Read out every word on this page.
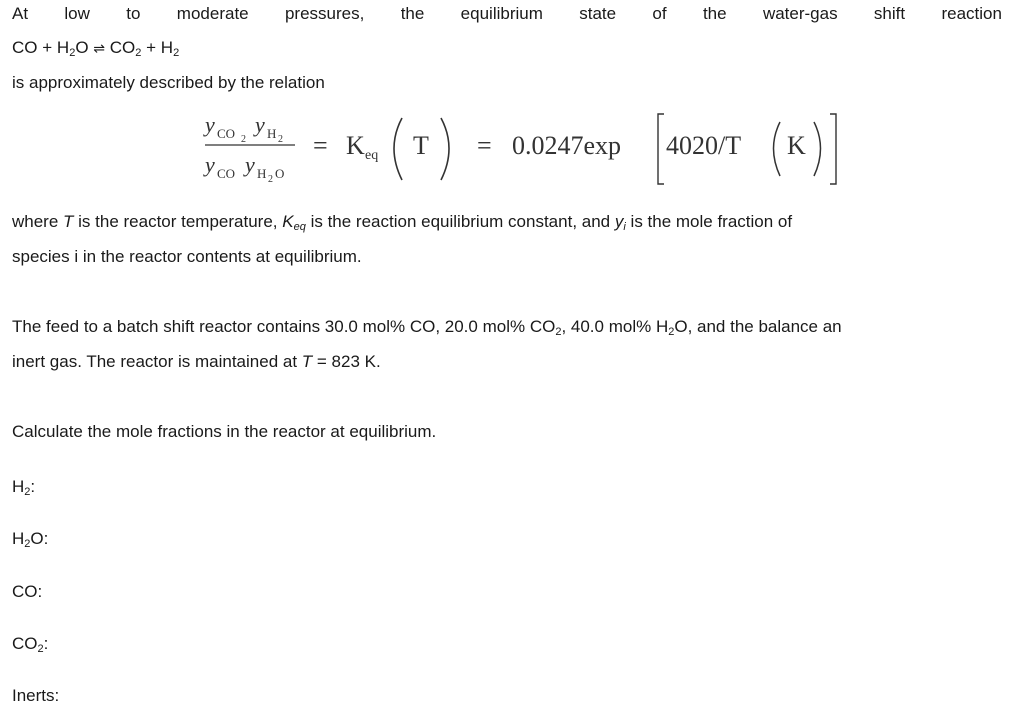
At low to moderate pressures, the equilibrium state of the water-gas shift reaction
CO + $H_2O$ ⇌ $CO_2 + H_2$
is approximately described by the relation
y CO 2
y H 2
y CO y H 2 O
= K eq T = 0.0247exp 4020/T K
where T is the reactor temperature, $K_{eq}$ is the reaction equilibrium constant, and $y_i$ is the mole fraction of
species i in the reactor contents at equilibrium.
The feed to a batch shift reactor contains 30.0 mol% CO, 20.0 mol% $CO_2$, 40.0 mol% $H_2O$, and the balance an
inert gas. The reactor is maintained at T = 823 K.
Calculate the mole fractions in the reactor at equilibrium.
$H_2$:
$H_2O$:
CO:
$CO_2$:
Inerts:
